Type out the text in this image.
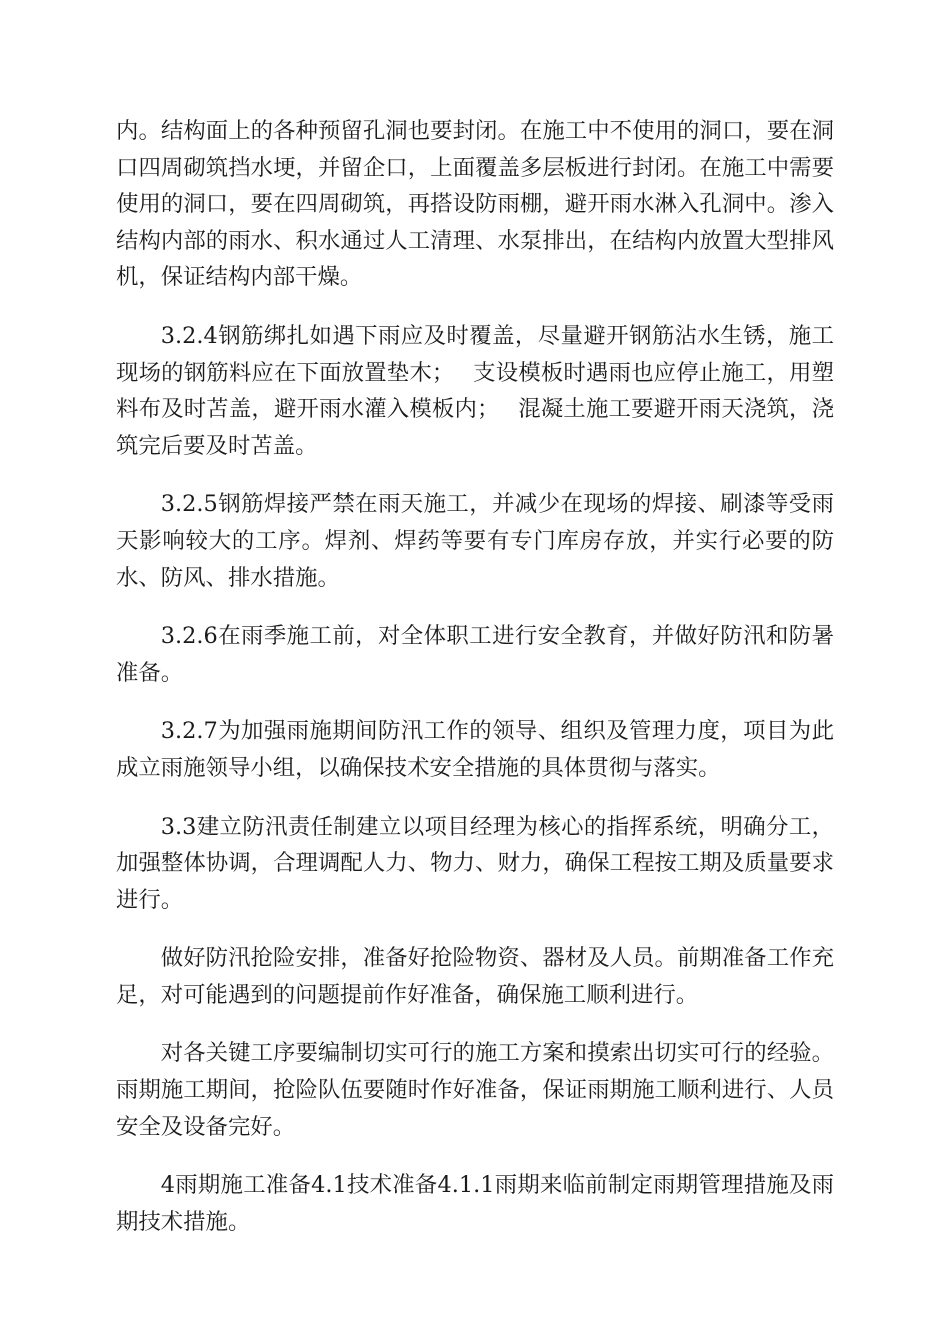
内。结构面上的各种预留孔洞也要封闭。在施工中不使用的洞口，要在洞口四周砌筑挡水埂，并留企口，上面覆盖多层板进行封闭。在施工中需要使用的洞口，要在四周砌筑，再搭设防雨棚，避开雨水淋入孔洞中。渗入结构内部的雨水、积水通过人工清理、水泵排出，在结构内放置大型排风机，保证结构内部干燥。

3.2.4钢筋绑扎如遇下雨应及时覆盖，尽量避开钢筋沾水生锈，施工现场的钢筋料应在下面放置垫木；　 支设模板时遇雨也应停止施工，用塑料布及时苫盖，避开雨水灌入模板内；　 混凝土施工要避开雨天浇筑，浇筑完后要及时苫盖。

3.2.5钢筋焊接严禁在雨天施工，并减少在现场的焊接、刷漆等受雨天影响较大的工序。焊剂、焊药等要有专门库房存放，并实行必要的防水、防风、排水措施。

3.2.6在雨季施工前，对全体职工进行安全教育，并做好防汛和防暑准备。

3.2.7为加强雨施期间防汛工作的领导、组织及管理力度，项目为此成立雨施领导小组，以确保技术安全措施的具体贯彻与落实。

3.3建立防汛责任制建立以项目经理为核心的指挥系统，明确分工，加强整体协调，合理调配人力、物力、财力，确保工程按工期及质量要求进行。

做好防汛抢险安排，准备好抢险物资、器材及人员。前期准备工作充足，对可能遇到的问题提前作好准备，确保施工顺利进行。

对各关键工序要编制切实可行的施工方案和摸索出切实可行的经验。雨期施工期间，抢险队伍要随时作好准备，保证雨期施工顺利进行、人员安全及设备完好。

4雨期施工准备4.1技术准备4.1.1雨期来临前制定雨期管理措施及雨期技术措施。
